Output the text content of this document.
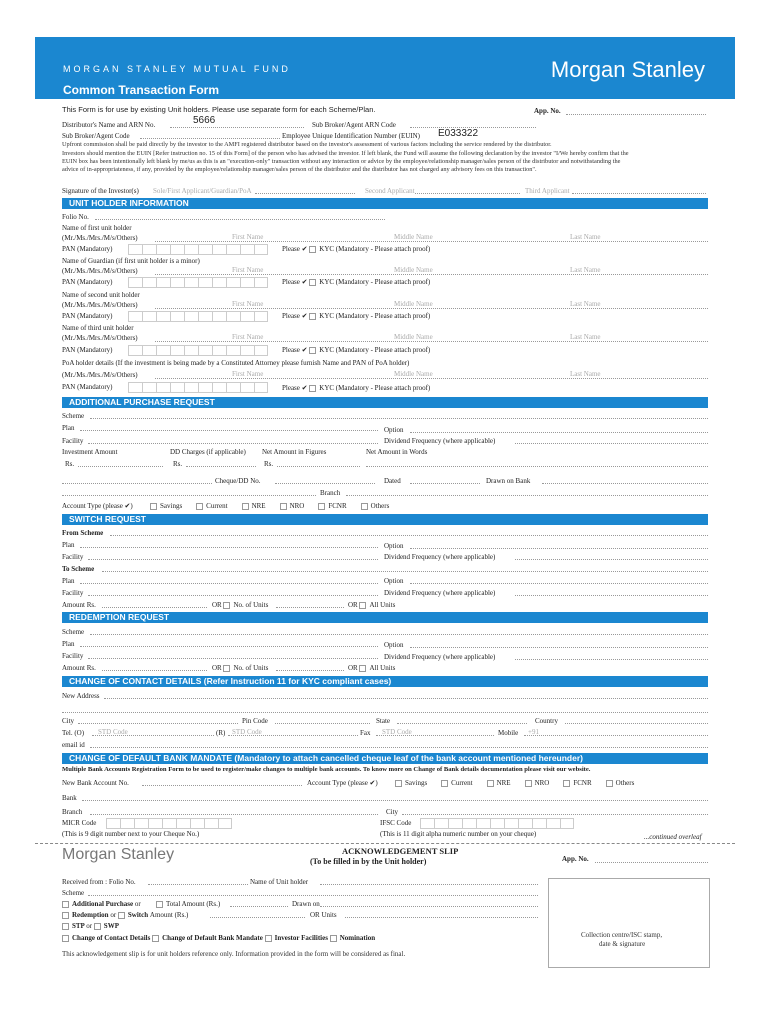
MORGAN STANLEY MUTUAL FUND
Common Transaction Form
Morgan Stanley
This Form is for use by existing Unit holders. Please use separate form for each Scheme/Plan.	App. No.
Distributor's Name and ARN No.	5666	Sub Broker/Agent ARN Code
Sub Broker/Agent Code	Employee Unique Identification Number (EUIN) E033322
Upfront commission shall be paid directly by the investor to the AMFI registered distributor based on the investor's assessment of various factors including the service rendered by the distributor.
Investors should mention the EUIN [Refer instruction no. 15 of this Form] of the person who has advised the investor. If left blank, the Fund will assume the following declaration by the investor "I/We hereby confirm that the
EUIN box has been intentionally left blank by me/us as this is an "execution-only" transaction without any interaction or advice by the employee/relationship manager/sales person of the distributor and notwithstanding the
advice of in-appropriateness, if any, provided by the employee/relationship manager/sales person of the distributor and the distributor has not charged any advisory fees on this transaction".
Signature of the Investor(s) Sole/First Applicant/Guardian/PoA	Second Applicant	Third Applicant
UNIT HOLDER INFORMATION
Folio No.
Name of first unit holder
(Mr./Ms./Mrs./M/s/Others)	First Name	Middle Name	Last Name
PAN (Mandatory)	Please ✔ KYC (Mandatory - Please attach proof)
Name of Guardian (if first unit holder is a minor)
(Mr./Ms./Mrs./M/s/Others)	First Name	Middle Name	Last Name
PAN (Mandatory)	Please ✔ KYC (Mandatory - Please attach proof)
Name of second unit holder
(Mr./Ms./Mrs./M/s/Others)	First Name	Middle Name	Last Name
PAN (Mandatory)	Please ✔ KYC (Mandatory - Please attach proof)
Name of third unit holder
(Mr./Ms./Mrs./M/s/Others)	First Name	Middle Name	Last Name
PAN (Mandatory)	Please ✔ KYC (Mandatory - Please attach proof)
PoA holder details (If the investment is being made by a Constituted Attorney please furnish Name and PAN of PoA holder)
(Mr./Ms./Mrs./M/s/Others)	First Name	Middle Name	Last Name
PAN (Mandatory)	Please ✔ KYC (Mandatory - Please attach proof)
ADDITIONAL PURCHASE REQUEST
Scheme
Plan	Option
Facility	Dividend Frequency (where applicable)
Investment Amount	DD Charges (if applicable) Net Amount in Figures	Net Amount in Words
Rs.	Rs.	Rs.
Cheque/DD No.	Dated	Drawn on Bank
Branch
Account Type (please ✔)	Savings	Current	NRE	NRO	FCNR	Others
SWITCH REQUEST
From Scheme
Plan	Option
Facility	Dividend Frequency (where applicable)
To Scheme
Plan	Option
Facility	Dividend Frequency (where applicable)
Amount Rs.	OR No. of Units	OR All Units
REDEMPTION REQUEST
Scheme
Plan	Option
Facility	Dividend Frequency (where applicable)
Amount Rs.	OR No. of Units	OR All Units
CHANGE OF CONTACT DETAILS (Refer Instruction 11 for KYC compliant cases)
New Address
City	Pin Code	State	Country
Tel. (O) STD Code	(R) STD Code	Fax STD Code	Mobile +91
email id
CHANGE OF DEFAULT BANK MANDATE (Mandatory to attach cancelled cheque leaf of the bank account mentioned hereunder)
Multiple Bank Accounts Registration Form to be used to register/make changes to multiple bank accounts. To know more on Change of Bank details documentation please visit our website.
New Bank Account No.	Account Type (please ✔)	Savings	Current	NRE	NRO	FCNR	Others
Bank
Branch	City
MICR Code	IFSC Code
(This is 9 digit number next to your Cheque No.)	(This is 11 digit alpha numeric number on your cheque)	...continued overleaf
Morgan Stanley	ACKNOWLEDGEMENT SLIP
(To be filled in by the Unit holder)	App. No.
Received from : Folio No.	Name of Unit holder
Scheme
Additional Purchase or	Total Amount (Rs.)	Drawn on
Redemption or Switch Amount (Rs.)	OR Units
STP or SWP
Change of Contact Details Change of Default Bank Mandate Investor Facilities Nomination
This acknowledgement slip is for unit holders reference only. Information provided in the form will be considered as final.
Collection centre/ISC stamp,
date & signature
